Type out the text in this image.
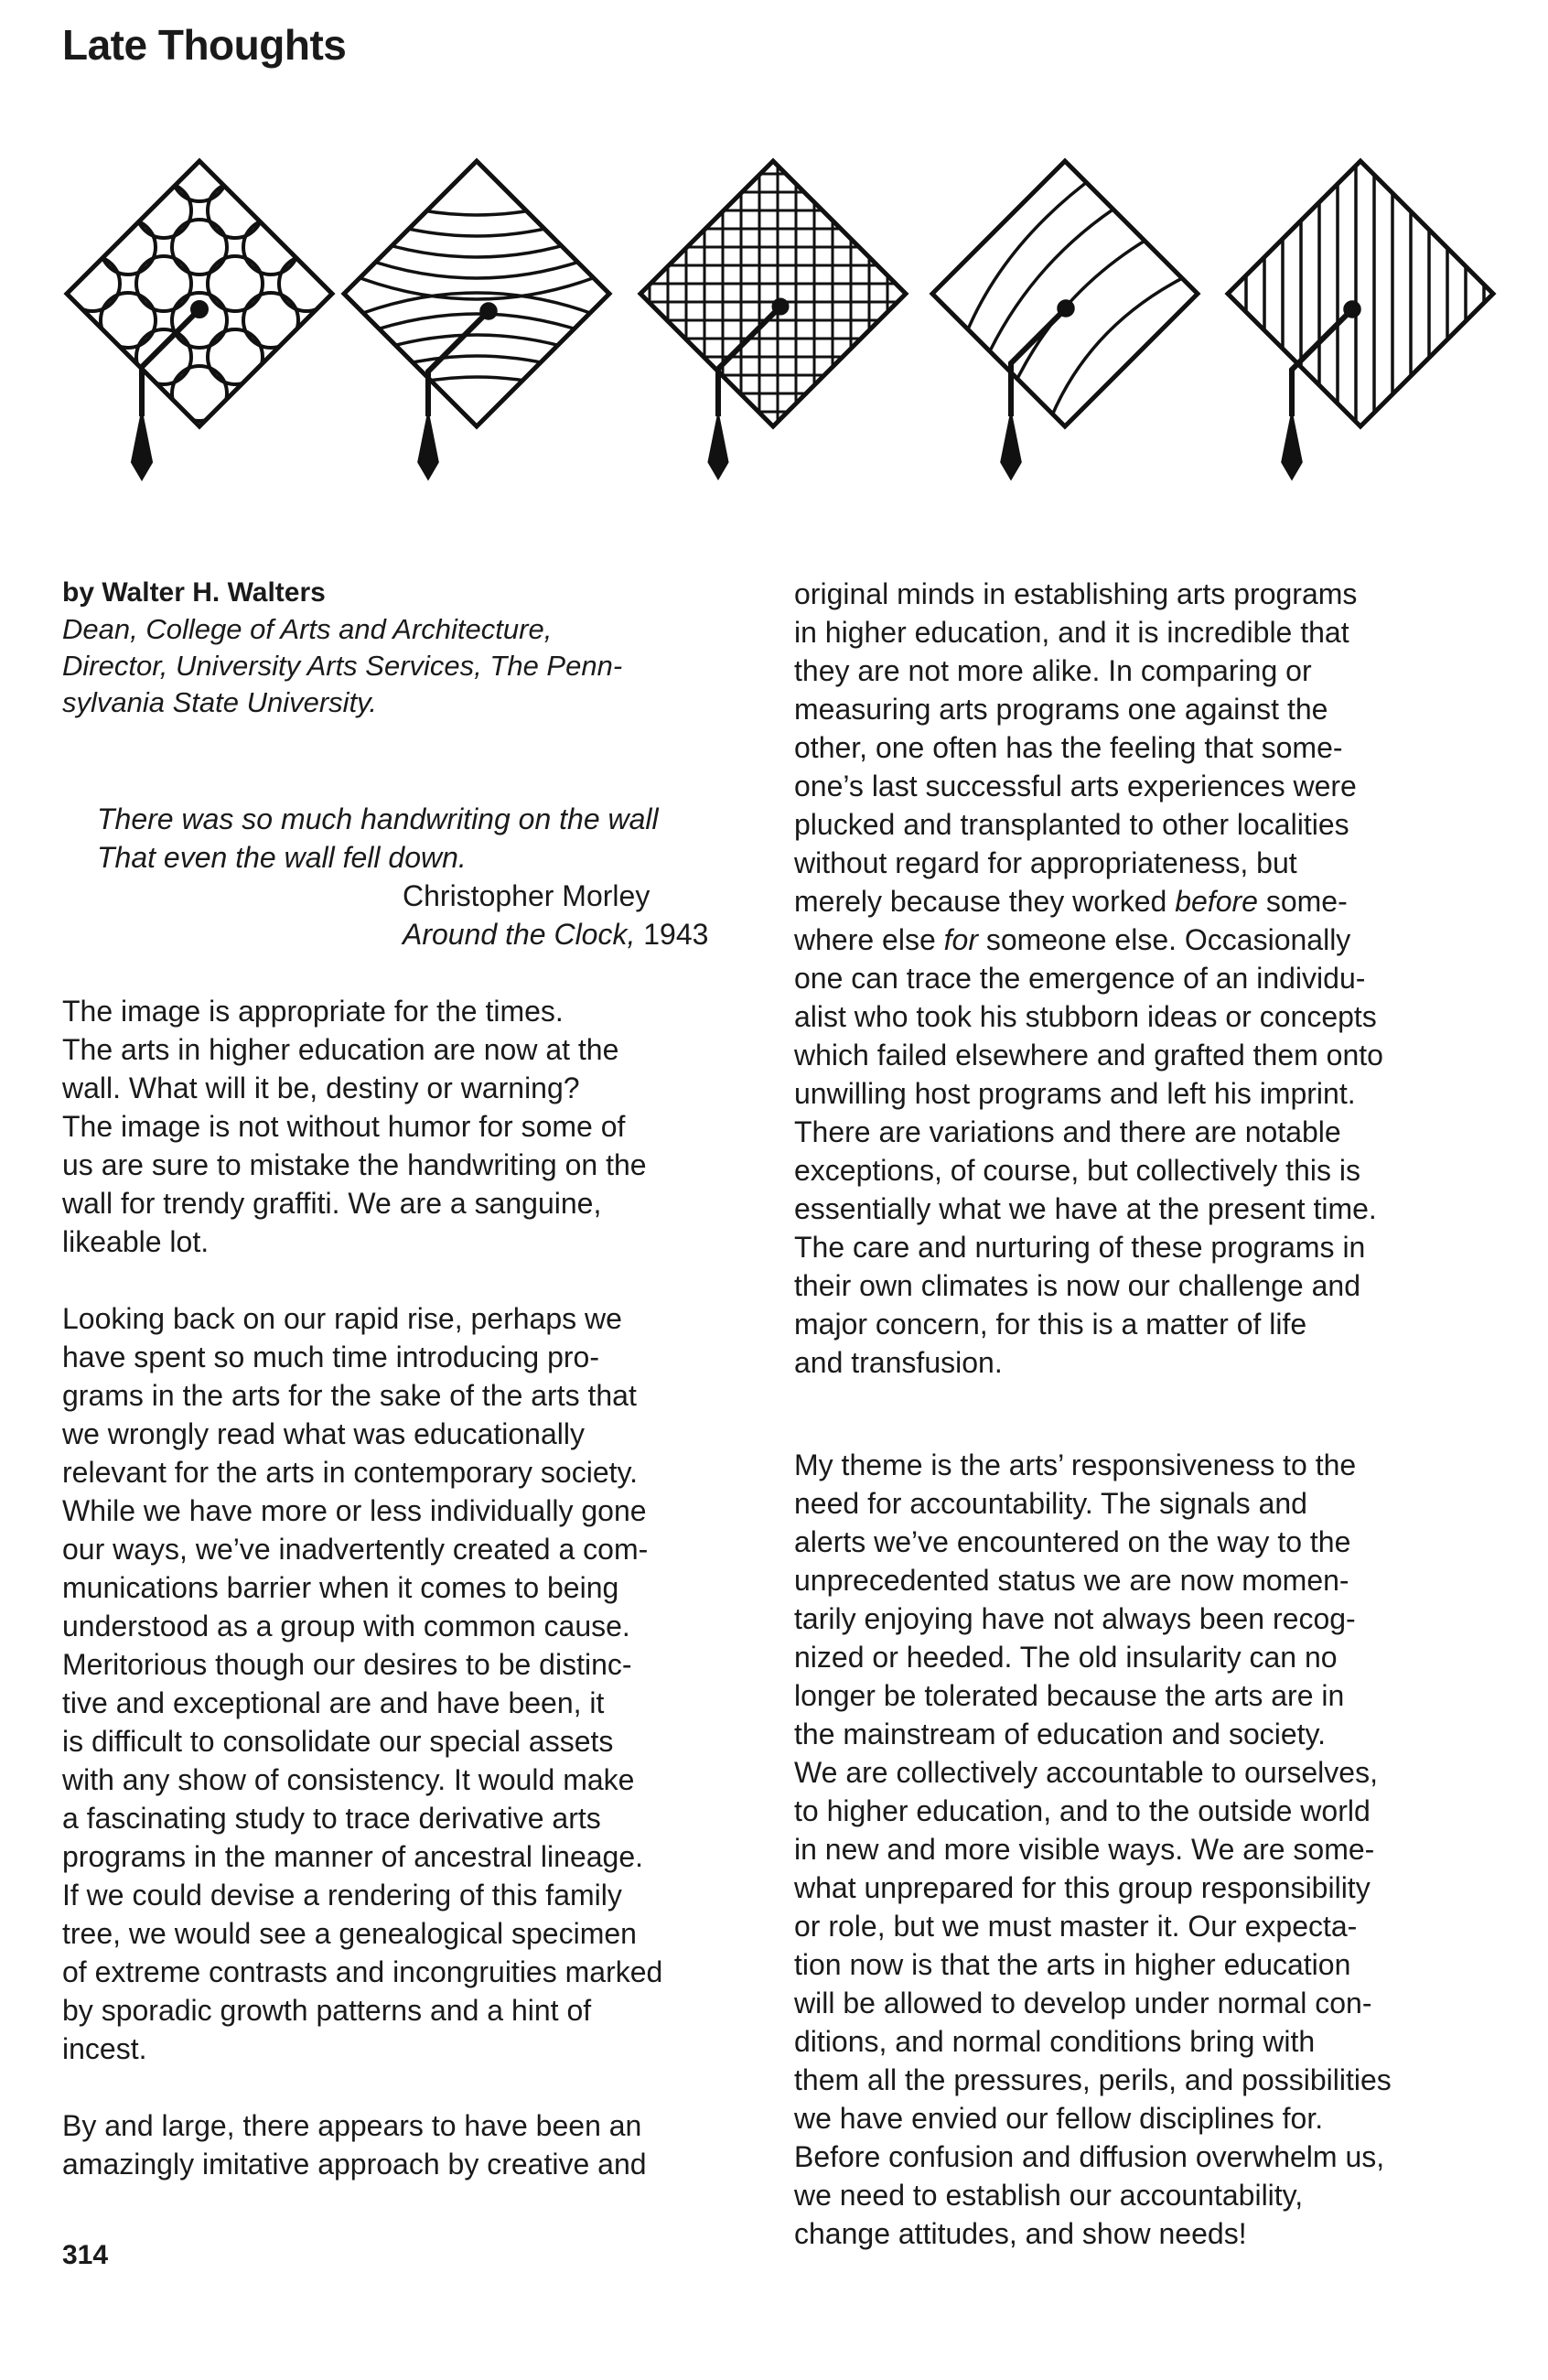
Late Thoughts

by Walter H. Walters

Dean, College of Arts and Architecture,

Director, University Arts Services, The Penn-

sylvania State University.

There was so much handwriting on the wall

That even the wall fell down.

Christopher Morley

Around the Clock, 1943

The image is appropriate for the times.

The arts in higher education are now at the

wall. What will it be, destiny or warning?

The image is not without humor for some of

us are sure to mistake the handwriting on the

wall for trendy graffiti. We are a sanguine,

likeable lot.

Looking back on our rapid rise, perhaps we

have spent so much time introducing pro-

grams in the arts for the sake of the arts that

we wrongly read what was educationally

relevant for the arts in contemporary society.

While we have more or less individually gone

our ways, we’ve inadvertently created a com-

munications barrier when it comes to being

understood as a group with common cause.

Meritorious though our desires to be distinc-

tive and exceptional are and have been, it

is difficult to consolidate our special assets

with any show of consistency. It would make

a fascinating study to trace derivative arts

programs in the manner of ancestral lineage.

If we could devise a rendering of this family

tree, we would see a genealogical specimen

of extreme contrasts and incongruities marked

by sporadic growth patterns and a hint of

incest.

By and large, there appears to have been an

amazingly imitative approach by creative and

original minds in establishing arts programs

in higher education, and it is incredible that

they are not more alike. In comparing or

measuring arts programs one against the

other, one often has the feeling that some-

one’s last successful arts experiences were

plucked and transplanted to other localities

without regard for appropriateness, but

merely because they worked before some-

where else for someone else. Occasionally

one can trace the emergence of an individu-

alist who took his stubborn ideas or concepts

which failed elsewhere and grafted them onto

unwilling host programs and left his imprint.

There are variations and there are notable

exceptions, of course, but collectively this is

essentially what we have at the present time.

The care and nurturing of these programs in

their own climates is now our challenge and

major concern, for this is a matter of life

and transfusion.

My theme is the arts’ responsiveness to the

need for accountability. The signals and

alerts we’ve encountered on the way to the

unprecedented status we are now momen-

tarily enjoying have not always been recog-

nized or heeded. The old insularity can no

longer be tolerated because the arts are in

the mainstream of education and society.

We are collectively accountable to ourselves,

to higher education, and to the outside world

in new and more visible ways. We are some-

what unprepared for this group responsibility

or role, but we must master it. Our expecta-

tion now is that the arts in higher education

will be allowed to develop under normal con-

ditions, and normal conditions bring with

them all the pressures, perils, and possibilities

we have envied our fellow disciplines for.

Before confusion and diffusion overwhelm us,

we need to establish our accountability,

change attitudes, and show needs!

314
